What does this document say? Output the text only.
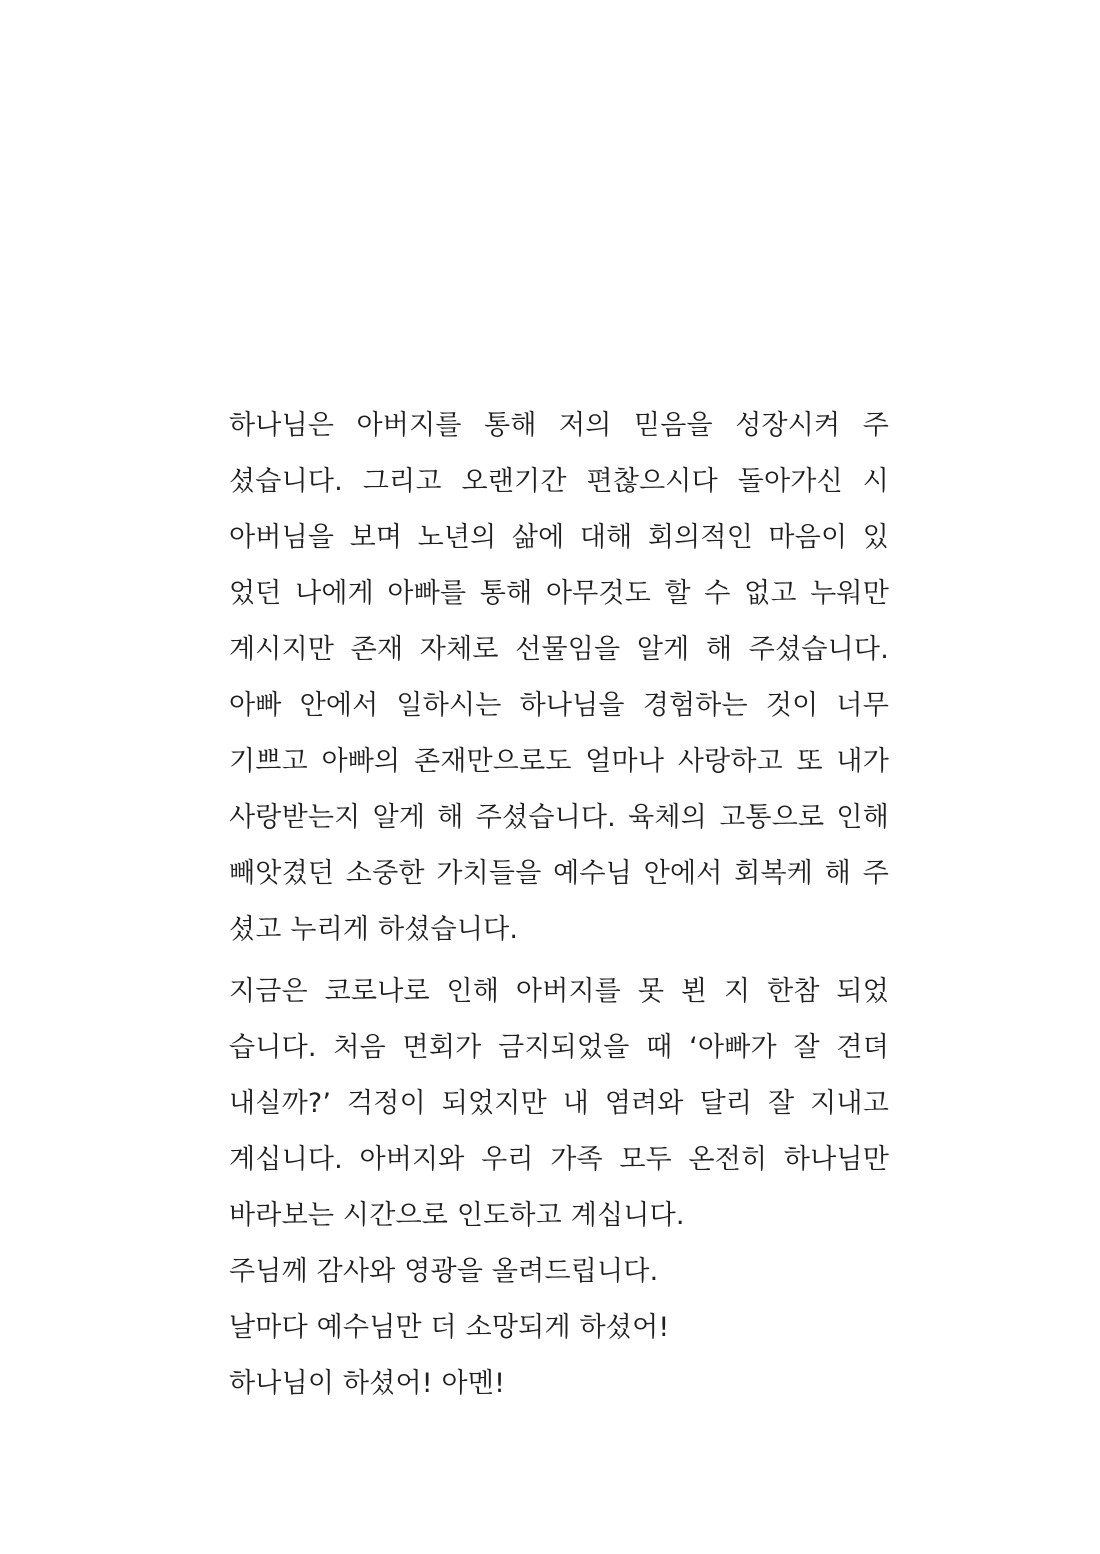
하나님은 아버지를 통해 저의 믿음을 성장시켜 주
셨습니다. 그리고 오랜기간 편찮으시다 돌아가신 시
아버님을 보며 노년의 삶에 대해 회의적인 마음이 있
었던 나에게 아빠를 통해 아무것도 할 수 없고 누워만
계시지만 존재 자체로 선물임을 알게 해 주셨습니다.
아빠 안에서 일하시는 하나님을 경험하는 것이 너무
기쁘고 아빠의 존재만으로도 얼마나 사랑하고 또 내가
사랑받는지 알게 해 주셨습니다. 육체의 고통으로 인해
빼앗겼던 소중한 가치들을 예수님 안에서 회복케 해 주
셨고 누리게 하셨습니다.
지금은 코로나로 인해 아버지를 못 뵌 지 한참 되었
습니다. 처음 면회가 금지되었을 때 ‘아빠가 잘 견뎌
내실까?’ 걱정이 되었지만 내 염려와 달리 잘 지내고
계십니다. 아버지와 우리 가족 모두 온전히 하나님만
바라보는 시간으로 인도하고 계십니다.
주님께 감사와 영광을 올려드립니다.
날마다 예수님만 더 소망되게 하셨어!
하나님이 하셨어! 아멘!
